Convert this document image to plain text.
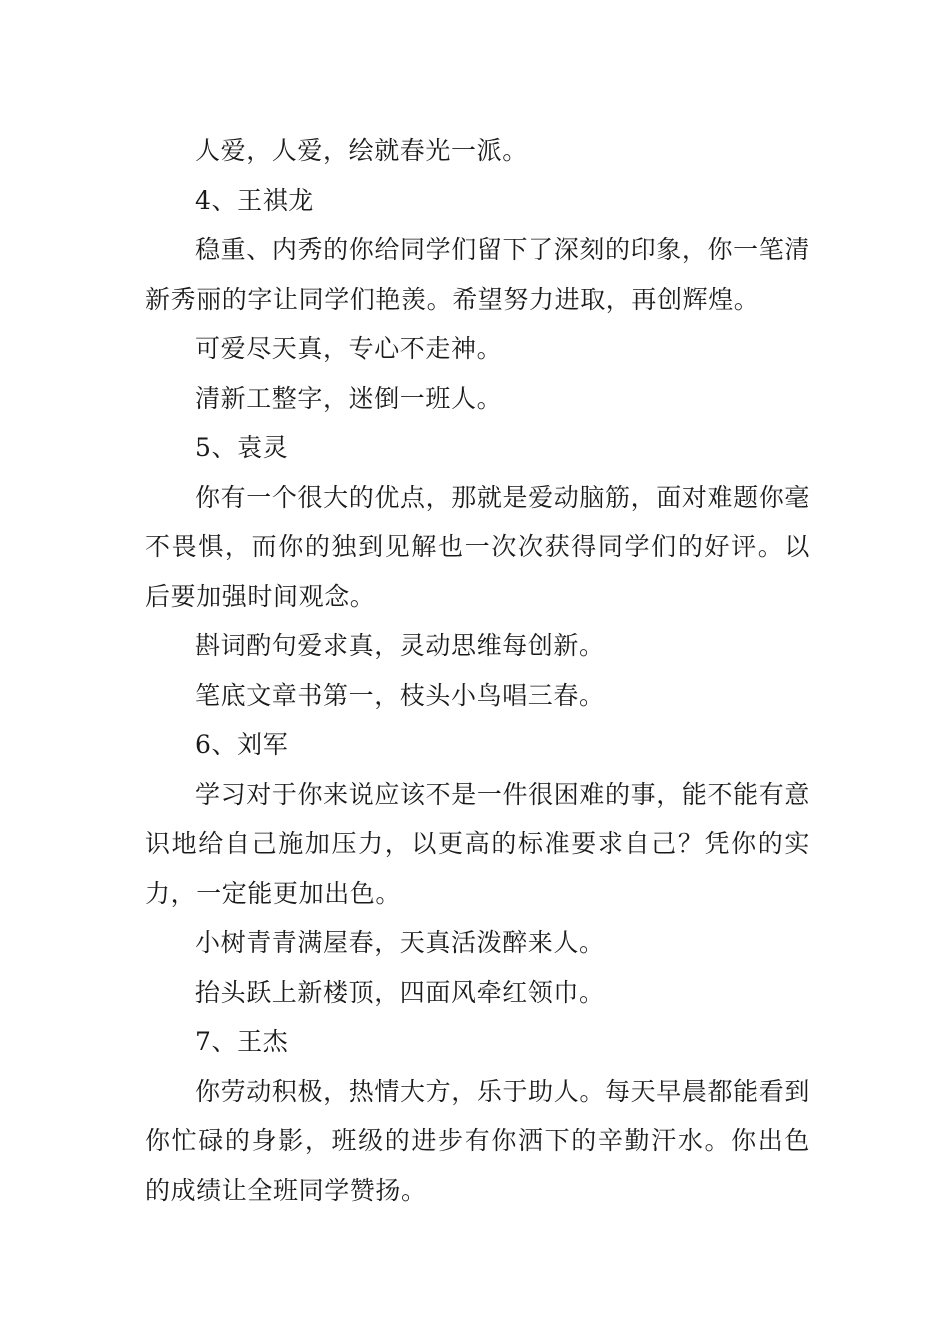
人爱，人爱，绘就春光一派。

4、王祺龙

稳重、内秀的你给同学们留下了深刻的印象，你一笔清新秀丽的字让同学们艳羡。希望努力进取，再创辉煌。

可爱尽天真，专心不走神。

清新工整字，迷倒一班人。

5、袁灵

你有一个很大的优点，那就是爱动脑筋，面对难题你毫不畏惧，而你的独到见解也一次次获得同学们的好评。以后要加强时间观念。

斟词酌句爱求真，灵动思维每创新。

笔底文章书第一，枝头小鸟唱三春。

6、刘军

学习对于你来说应该不是一件很困难的事，能不能有意识地给自己施加压力，以更高的标准要求自己？凭你的实力，一定能更加出色。

小树青青满屋春，天真活泼醉来人。

抬头跃上新楼顶，四面风牵红领巾。

7、王杰

你劳动积极，热情大方，乐于助人。每天早晨都能看到你忙碌的身影，班级的进步有你洒下的辛勤汗水。你出色的成绩让全班同学赞扬。
